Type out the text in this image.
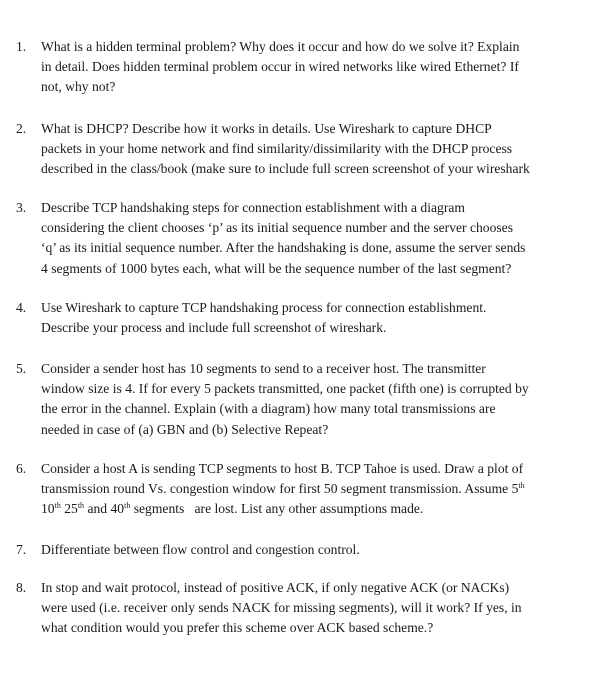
1. What is a hidden terminal problem? Why does it occur and how do we solve it? Explain
in detail. Does hidden terminal problem occur in wired networks like wired Ethernet? If
not, why not?
2. What is DHCP? Describe how it works in details. Use Wireshark to capture DHCP
packets in your home network and find similarity/dissimilarity with the DHCP process
described in the class/book (make sure to include full screen screenshot of your wireshark
3. Describe TCP handshaking steps for connection establishment with a diagram
considering the client chooses ‘p’ as its initial sequence number and the server chooses
‘q’ as its initial sequence number. After the handshaking is done, assume the server sends
4 segments of 1000 bytes each, what will be the sequence number of the last segment?
4. Use Wireshark to capture TCP handshaking process for connection establishment.
Describe your process and include full screenshot of wireshark.
5. Consider a sender host has 10 segments to send to a receiver host. The transmitter
window size is 4. If for every 5 packets transmitted, one packet (fifth one) is corrupted by
the error in the channel. Explain (with a diagram) how many total transmissions are
needed in case of (a) GBN and (b) Selective Repeat?
6. Consider a host A is sending TCP segments to host B. TCP Tahoe is used. Draw a plot of
transmission round Vs. congestion window for first 50 segment transmission. Assume 5th
10th 25th and 40th segments   are lost. List any other assumptions made.
7. Differentiate between flow control and congestion control.
8. In stop and wait protocol, instead of positive ACK, if only negative ACK (or NACKs)
were used (i.e. receiver only sends NACK for missing segments), will it work? If yes, in
what condition would you prefer this scheme over ACK based scheme.?
